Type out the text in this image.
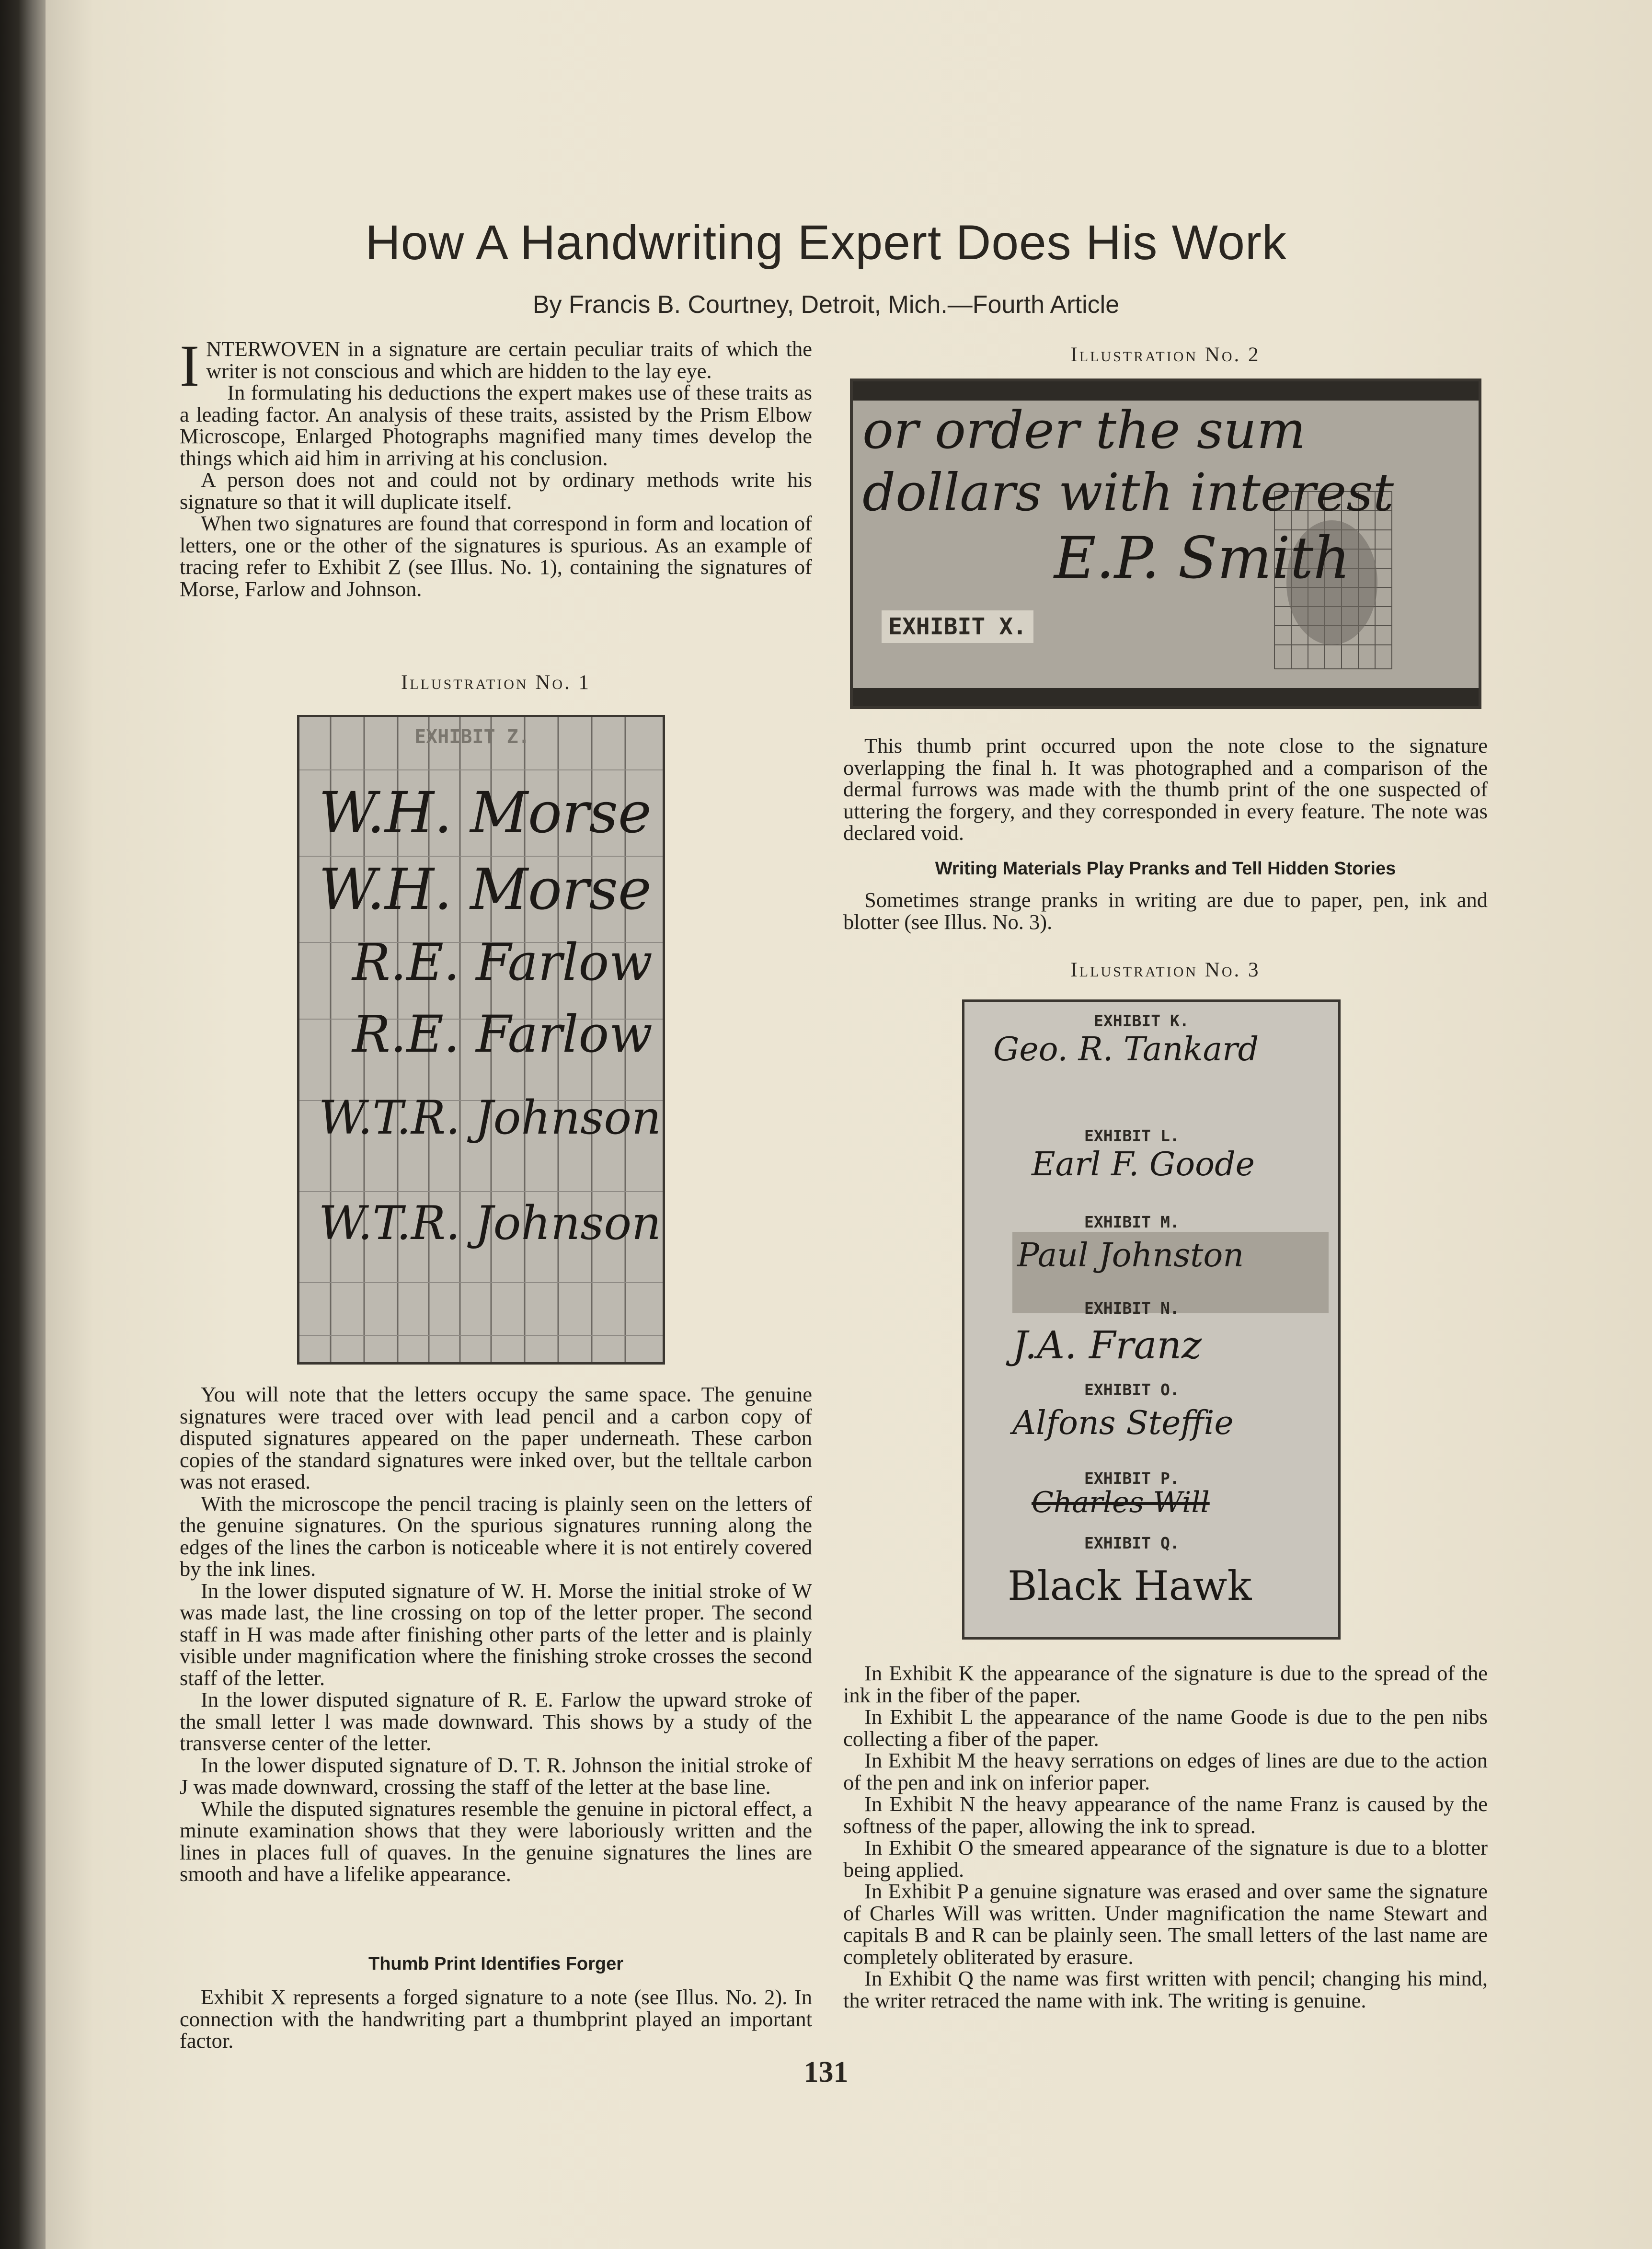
How A Handwriting Expert Does His Work
By Francis B. Courtney, Detroit, Mich.—Fourth Article

INTERWOVEN in a signature are certain peculiar traits of which the writer is not conscious and which are hidden to the lay eye.

In formulating his deductions the expert makes use of these traits as a leading factor. An analysis of these traits, assisted by the Prism Elbow Microscope, Enlarged Photographs magnified many times develop the things which aid him in arriving at his conclusion.

A person does not and could not by ordinary methods write his signature so that it will duplicate itself.

When two signatures are found that correspond in form and location of letters, one or the other of the signatures is spurious. As an example of tracing refer to Exhibit Z (see Illus. No. 1), containing the signatures of Morse, Farlow and Johnson.

Illustration No. 1
EXHIBIT Z.
W.H. Morse
W.H. Morse
R.E. Farlow
R.E. Farlow
W.T.R. Johnson
W.T.R. Johnson

You will note that the letters occupy the same space. The genuine signatures were traced over with lead pencil and a carbon copy of disputed signatures appeared on the paper underneath. These carbon copies of the standard signatures were inked over, but the telltale carbon was not erased.

With the microscope the pencil tracing is plainly seen on the letters of the genuine signatures. On the spurious signatures running along the edges of the lines the carbon is noticeable where it is not entirely covered by the ink lines.

In the lower disputed signature of W. H. Morse the initial stroke of W was made last, the line crossing on top of the letter proper. The second staff in H was made after finishing other parts of the letter and is plainly visible under magnification where the finishing stroke crosses the second staff of the letter.

In the lower disputed signature of R. E. Farlow the upward stroke of the small letter l was made downward. This shows by a study of the transverse center of the letter.

In the lower disputed signature of D. T. R. Johnson the initial stroke of J was made downward, crossing the staff of the letter at the base line.

While the disputed signatures resemble the genuine in pictoral effect, a minute examination shows that they were laboriously written and the lines in places full of quaves. In the genuine signatures the lines are smooth and have a lifelike appearance.

Thumb Print Identifies Forger

Exhibit X represents a forged signature to a note (see Illus. No. 2). In connection with the handwriting part a thumbprint played an important factor.

Illustration No. 2
or order the sum
dollars with interest
E.P. Smith
EXHIBIT X.

This thumb print occurred upon the note close to the signature overlapping the final h. It was photographed and a comparison of the dermal furrows was made with the thumb print of the one suspected of uttering the forgery, and they corresponded in every feature. The note was declared void.

Writing Materials Play Pranks and Tell Hidden Stories

Sometimes strange pranks in writing are due to paper, pen, ink and blotter (see Illus. No. 3).

Illustration No. 3
EXHIBIT K.
Geo. R. Tankard
EXHIBIT L.
Earl F. Goode
EXHIBIT M.
Paul Johnston
EXHIBIT N.
J.A. Franz
EXHIBIT O.
Alfons Steffie
EXHIBIT P.
Charles Will
EXHIBIT Q.
Black Hawk

In Exhibit K the appearance of the signature is due to the spread of the ink in the fiber of the paper.

In Exhibit L the appearance of the name Goode is due to the pen nibs collecting a fiber of the paper.

In Exhibit M the heavy serrations on edges of lines are due to the action of the pen and ink on inferior paper.

In Exhibit N the heavy appearance of the name Franz is caused by the softness of the paper, allowing the ink to spread.

In Exhibit O the smeared appearance of the signature is due to a blotter being applied.

In Exhibit P a genuine signature was erased and over same the signature of Charles Will was written. Under magnification the name Stewart and capitals B and R can be plainly seen. The small letters of the last name are completely obliterated by erasure.

In Exhibit Q the name was first written with pencil; changing his mind, the writer retraced the name with ink. The writing is genuine.

131
